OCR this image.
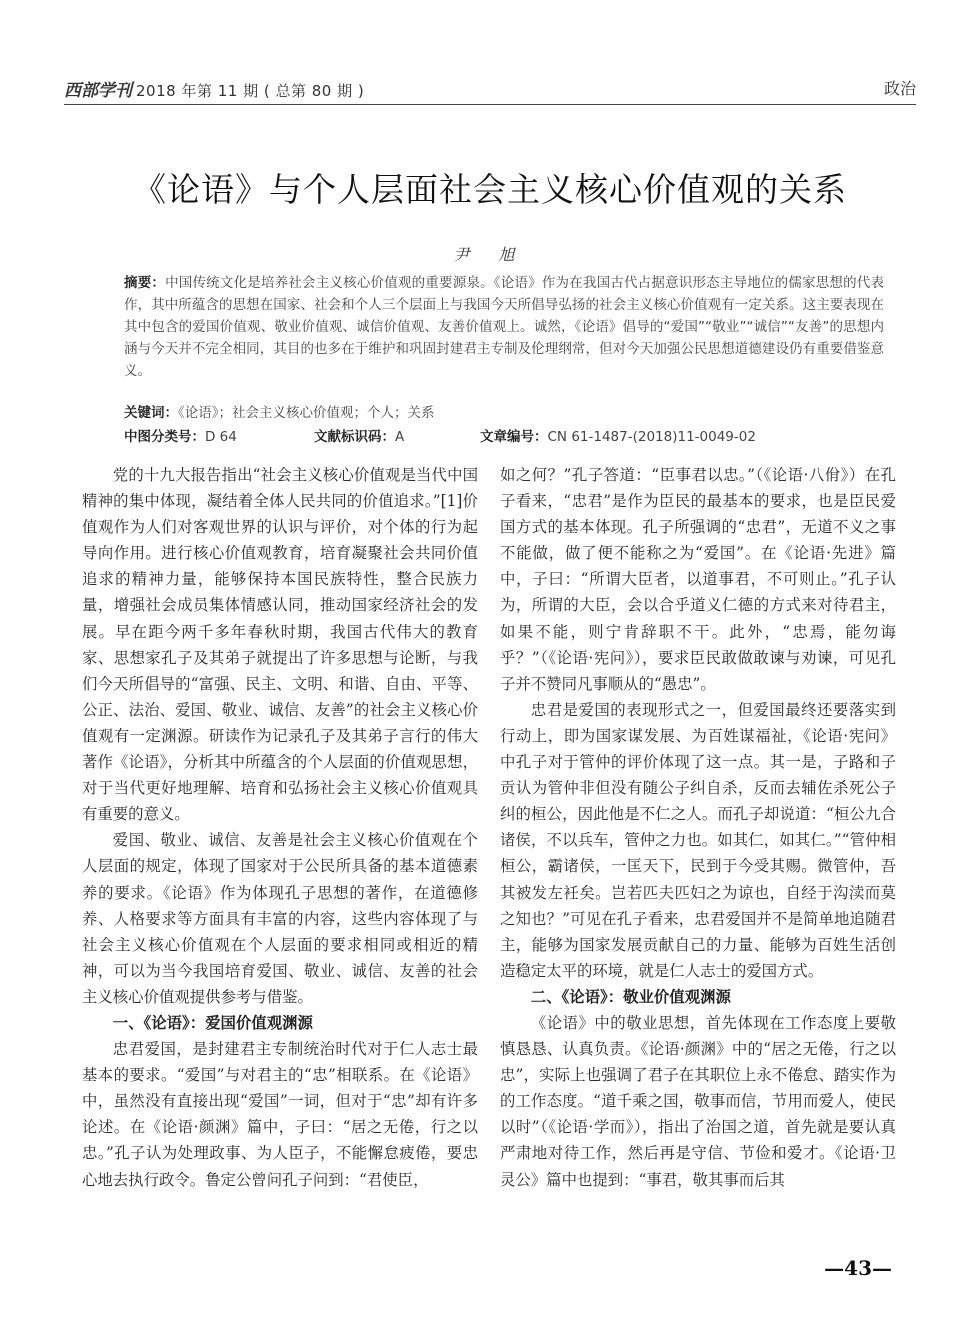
西部学刊 2018 年第 11 期 ( 总第 80 期 )	政治
《论语》与个人层面社会主义核心价值观的关系
尹 旭
摘要：中国传统文化是培养社会主义核心价值观的重要源泉。《论语》作为在我国古代占据意识形态主导地位的儒家思想的代表作，其中所蕴含的思想在国家、社会和个人三个层面上与我国今天所倡导弘扬的社会主义核心价值观有一定关系。这主要表现在其中包含的爱国价值观、敬业价值观、诚信价值观、友善价值观上。诚然，《论语》倡导的“爱国”“敬业”“诚信”“友善”的思想内涵与今天并不完全相同，其目的也多在于维护和巩固封建君主专制及伦理纲常，但对今天加强公民思想道德建设仍有重要借鉴意义。
关键词：《论语》；社会主义核心价值观；个人；关系
中图分类号：D 64	文献标识码：A	文章编号：CN 61-1487-(2018)11-0049-02

党的十九大报告指出“社会主义核心价值观是当代中国精神的集中体现，凝结着全体人民共同的价值追求。”[1]价值观作为人们对客观世界的认识与评价，对个体的行为起导向作用。进行核心价值观教育，培育凝聚社会共同价值追求的精神力量，能够保持本国民族特性，整合民族力量，增强社会成员集体情感认同，推动国家经济社会的发展。早在距今两千多年春秋时期，我国古代伟大的教育家、思想家孔子及其弟子就提出了许多思想与论断，与我们今天所倡导的“富强、民主、文明、和谐、自由、平等、公正、法治、爱国、敬业、诚信、友善”的社会主义核心价值观有一定渊源。研读作为记录孔子及其弟子言行的伟大著作《论语》，分析其中所蕴含的个人层面的价值观思想，对于当代更好地理解、培育和弘扬社会主义核心价值观具有重要的意义。

爱国、敬业、诚信、友善是社会主义核心价值观在个人层面的规定，体现了国家对于公民所具备的基本道德素养的要求。《论语》作为体现孔子思想的著作，在道德修养、人格要求等方面具有丰富的内容，这些内容体现了与社会主义核心价值观在个人层面的要求相同或相近的精神，可以为当今我国培育爱国、敬业、诚信、友善的社会主义核心价值观提供参考与借鉴。

一、《论语》：爱国价值观渊源

忠君爱国，是封建君主专制统治时代对于仁人志士最基本的要求。“爱国”与对君主的“忠”相联系。在《论语》中，虽然没有直接出现“爱国”一词，但对于“忠”却有许多论述。在《论语·颜渊》篇中，子曰：“居之无倦，行之以忠。”孔子认为处理政事、为人臣子，不能懈怠疲倦，要忠心地去执行政令。鲁定公曾问孔子问到：“君使臣，

如之何？”孔子答道：“臣事君以忠。”（《论语·八佾》）在孔子看来，“忠君”是作为臣民的最基本的要求，也是臣民爱国方式的基本体现。孔子所强调的“忠君”，无道不义之事不能做，做了便不能称之为“爱国”。在《论语·先进》篇中，子曰：“所谓大臣者，以道事君，不可则止。”孔子认为，所谓的大臣，会以合乎道义仁德的方式来对待君主，如果不能，则宁肯辞职不干。此外，“忠焉，能勿诲乎？”（《论语·宪问》），要求臣民敢做敢谏与劝谏，可见孔子并不赞同凡事顺从的“愚忠”。

忠君是爱国的表现形式之一，但爱国最终还要落实到行动上，即为国家谋发展、为百姓谋福祉，《论语·宪问》中孔子对于管仲的评价体现了这一点。其一是，子路和子贡认为管仲非但没有随公子纠自杀，反而去辅佐杀死公子纠的桓公，因此他是不仁之人。而孔子却说道：“桓公九合诸侯，不以兵车，管仲之力也。如其仁，如其仁。”“管仲相桓公，霸诸侯，一匡天下，民到于今受其赐。微管仲，吾其被发左衽矣。岂若匹夫匹妇之为谅也，自经于沟渎而莫之知也？”可见在孔子看来，忠君爱国并不是简单地追随君主，能够为国家发展贡献自己的力量、能够为百姓生活创造稳定太平的环境，就是仁人志士的爱国方式。

二、《论语》：敬业价值观渊源

《论语》中的敬业思想，首先体现在工作态度上要敬慎恳恳、认真负责。《论语·颜渊》中的“居之无倦，行之以忠”，实际上也强调了君子在其职位上永不倦怠、踏实作为的工作态度。“道千乘之国，敬事而信，节用而爱人，使民以时”（《论语·学而》），指出了治国之道，首先就是要认真严肃地对待工作，然后再是守信、节俭和爱才。《论语·卫灵公》篇中也提到：“事君，敬其事而后其

—43—
